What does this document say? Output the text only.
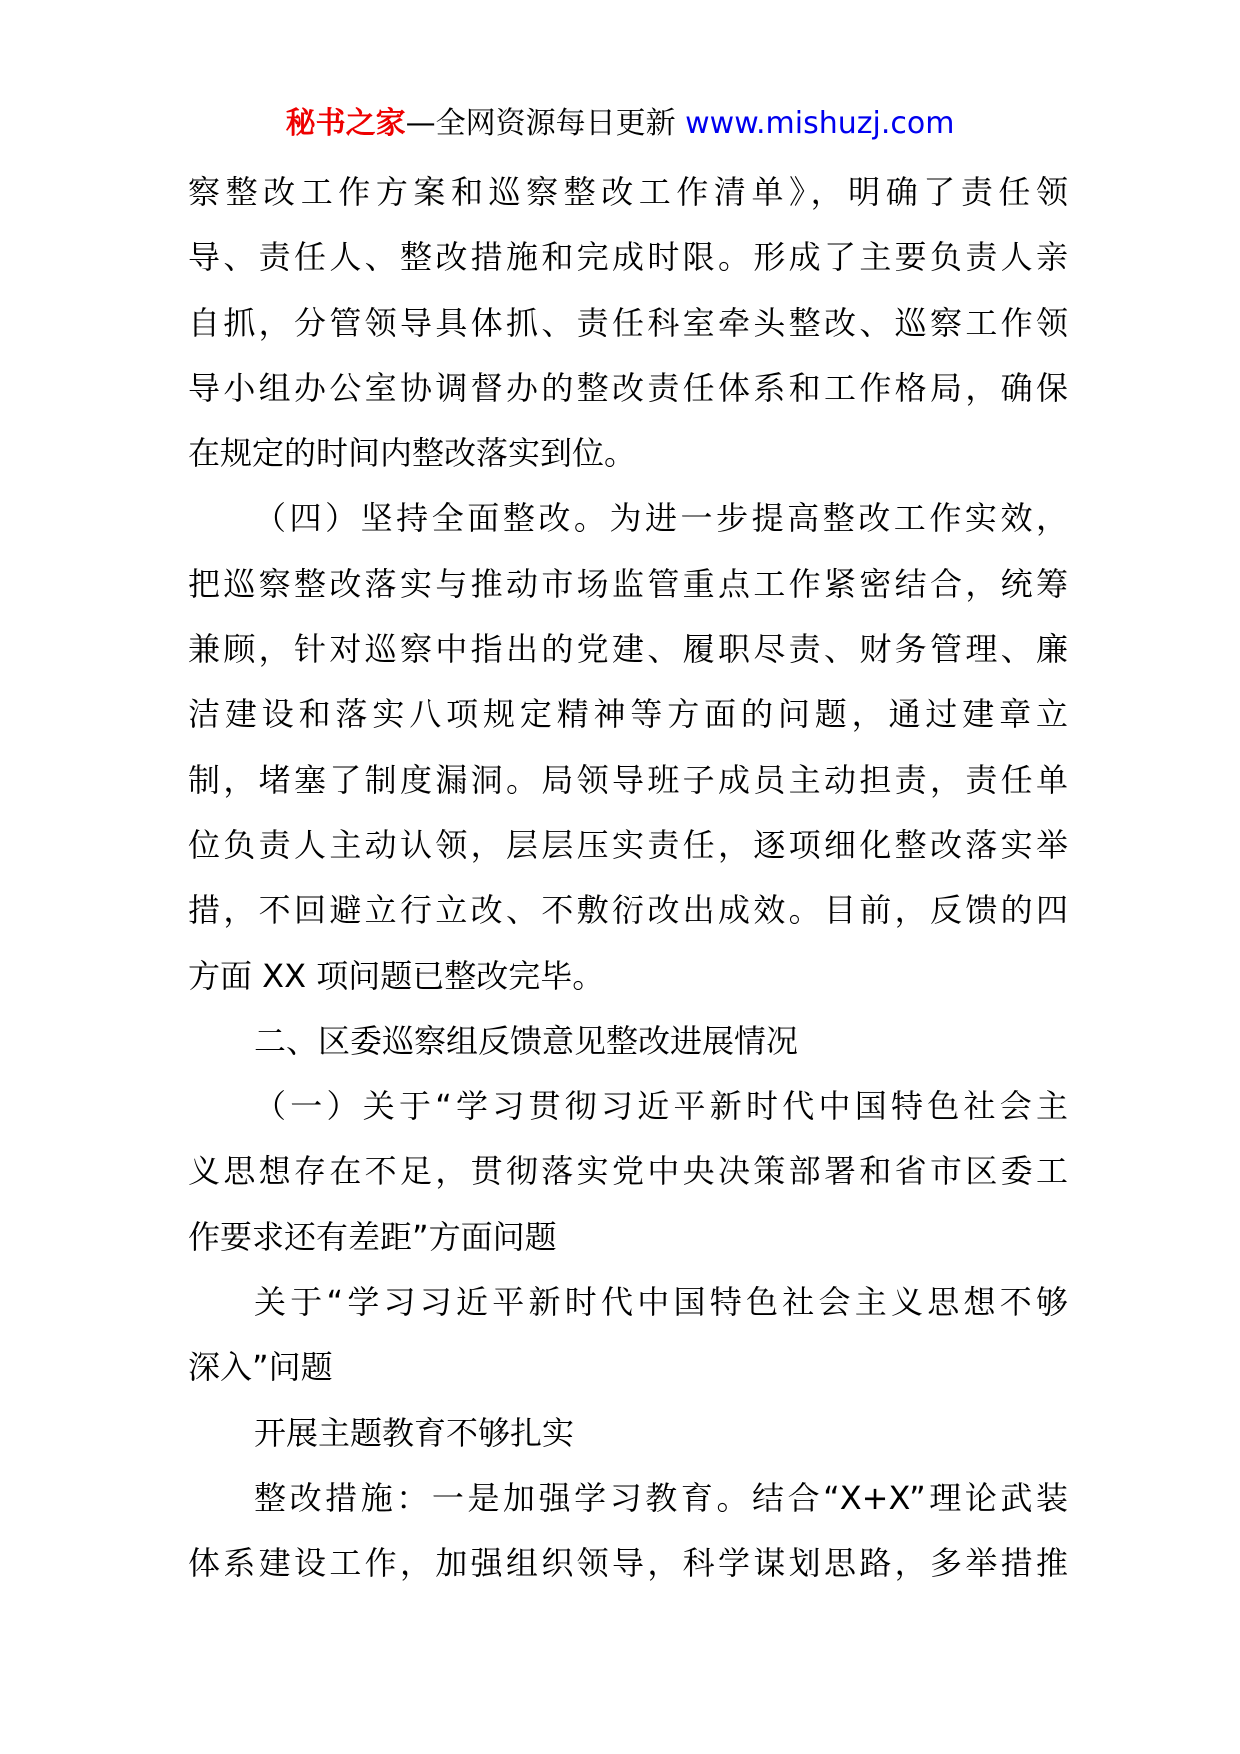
秘书之家—全网资源每日更新 www.mishuzj.com
察整改工作方案和巡察整改工作清单》，明确了责任领
导、责任人、整改措施和完成时限。形成了主要负责人亲
自抓，分管领导具体抓、责任科室牵头整改、巡察工作领
导小组办公室协调督办的整改责任体系和工作格局，确保
在规定的时间内整改落实到位。
（四）坚持全面整改。为进一步提高整改工作实效，
把巡察整改落实与推动市场监管重点工作紧密结合，统筹
兼顾，针对巡察中指出的党建、履职尽责、财务管理、廉
洁建设和落实八项规定精神等方面的问题，通过建章立
制，堵塞了制度漏洞。局领导班子成员主动担责，责任单
位负责人主动认领，层层压实责任，逐项细化整改落实举
措，不回避立行立改、不敷衍改出成效。目前，反馈的四
方面 XX 项问题已整改完毕。
二、区委巡察组反馈意见整改进展情况
（一）关于“学习贯彻习近平新时代中国特色社会主
义思想存在不足，贯彻落实党中央决策部署和省市区委工
作要求还有差距”方面问题
关于“学习习近平新时代中国特色社会主义思想不够
深入”问题
开展主题教育不够扎实
整改措施：一是加强学习教育。结合“X+X”理论武装
体系建设工作，加强组织领导，科学谋划思路，多举措推
